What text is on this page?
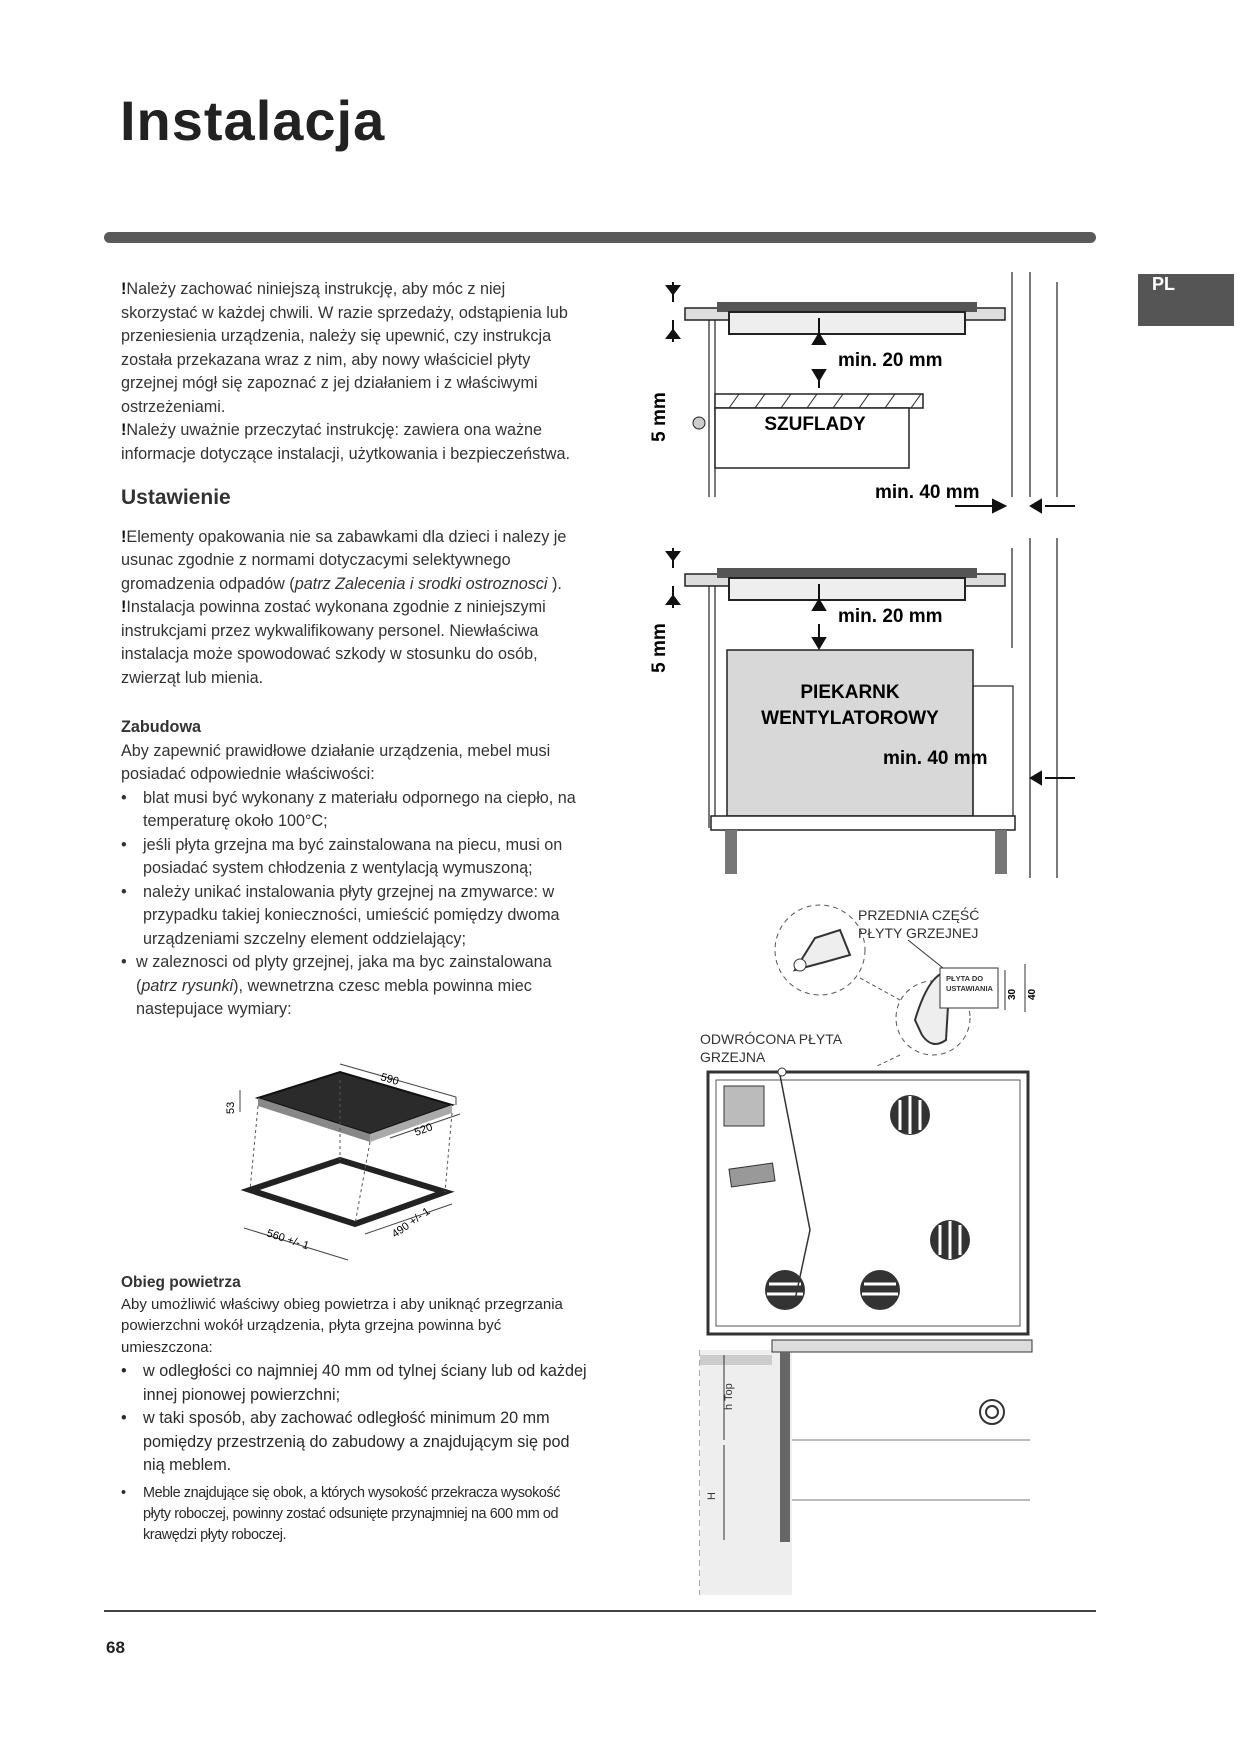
Instalacja
PL

!Należy zachować niniejszą instrukcję, aby móc z niej skorzystać w każdej chwili. W razie sprzedaży, odstąpienia lub przeniesienia urządzenia, należy się upewnić, czy instrukcja została przekazana wraz z nim, aby nowy właściciel płyty grzejnej mógł się zapoznać z jej działaniem i z właściwymi ostrzeżeniami.

!Należy uważnie przeczytać instrukcję: zawiera ona ważne informacje dotyczące instalacji, użytkowania i bezpieczeństwa.

Ustawienie

!Elementy opakowania nie sa zabawkami dla dzieci i nalezy je usunac zgodnie z normami dotyczacymi selektywnego gromadzenia odpadów (patrz Zalecenia i srodki ostroznosci ).

!Instalacja powinna zostać wykonana zgodnie z niniejszymi instrukcjami przez wykwalifikowany personel. Niewłaściwa instalacja może spowodować szkody w stosunku do osób, zwierząt lub mienia.

Zabudowa

Aby zapewnić prawidłowe działanie urządzenia, mebel musi posiadać odpowiednie właściwości:

• blat musi być wykonany z materiału odpornego na ciepło, na temperaturę około 100°C;
• jeśli płyta grzejna ma być zainstalowana na piecu, musi on posiadać system chłodzenia z wentylacją wymuszoną;
• należy unikać instalowania płyty grzejnej na zmywarce: w przypadku takiej konieczności, umieścić pomiędzy dwoma urządzeniami szczelny element oddzielający;
• w zaleznosci od plyty grzejnej, jaka ma byc zainstalowana (patrz rysunki), wewnetrzna czesc mebla powinna miec nastepujace wymiary:
590
53
520
560 +/- 1	490 +/- 1
Obieg powietrza

Aby umożliwić właściwy obieg powietrza i aby uniknąć przegrzania powierzchni wokół urządzenia, płyta grzejna powinna być umieszczona:

• w odległości co najmniej 40 mm od tylnej ściany lub od każdej innej pionowej powierzchni;
• w taki sposób, aby zachować odległość minimum 20 mm pomiędzy przestrzenią do zabudowy a znajdującym się pod nią meblem.
• Meble znajdujące się obok, a których wysokość przekracza wysokość płyty roboczej, powinny zostać odsunięte przynajmniej na 600 mm od krawędzi płyty roboczej.
5 mm
min. 20 mm
SZUFLADY
min. 40 mm
5 mm
min. 20 mm
PIEKARNK
WENTYLATOROWY
min. 40 mm
PRZEDNIA CZĘŚĆ
PŁYTY GRZEJNEJ
PŁYTA DO
USTAWIANIA
30 40
ODWRÓCONA PŁYTA
GRZEJNA
h Top
H
68
